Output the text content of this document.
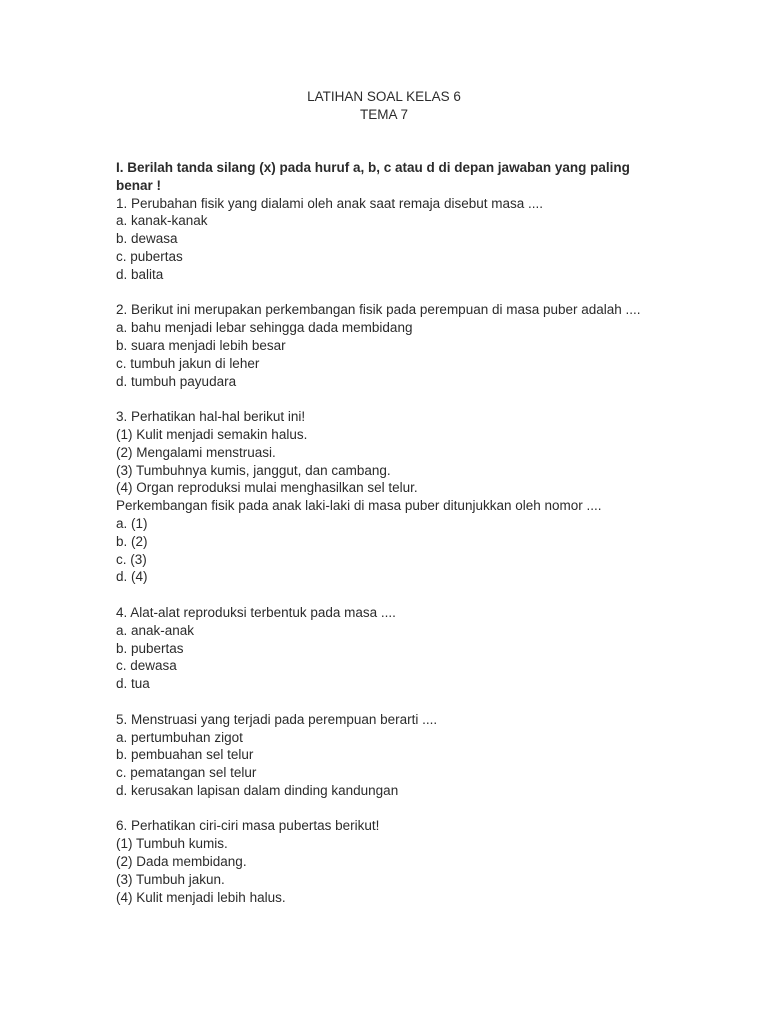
LATIHAN SOAL KELAS 6
TEMA 7

I. Berilah tanda silang (x) pada huruf a, b, c atau d di depan jawaban yang paling benar !

1. Perubahan fisik yang dialami oleh anak saat remaja disebut masa ....
a. kanak-kanak
b. dewasa
c. pubertas
d. balita
2. Berikut ini merupakan perkembangan fisik pada perempuan di masa puber adalah ....
a. bahu menjadi lebar sehingga dada membidang
b. suara menjadi lebih besar
c. tumbuh jakun di leher
d. tumbuh payudara
3. Perhatikan hal-hal berikut ini!
(1) Kulit menjadi semakin halus.
(2) Mengalami menstruasi.
(3) Tumbuhnya kumis, janggut, dan cambang.
(4) Organ reproduksi mulai menghasilkan sel telur.
Perkembangan fisik pada anak laki-laki di masa puber ditunjukkan oleh nomor ....
a. (1)
b. (2)
c. (3)
d. (4)
4. Alat-alat reproduksi terbentuk pada masa ....
a. anak-anak
b. pubertas
c. dewasa
d. tua
5. Menstruasi yang terjadi pada perempuan berarti ....
a. pertumbuhan zigot
b. pembuahan sel telur
c. pematangan sel telur
d. kerusakan lapisan dalam dinding kandungan
6. Perhatikan ciri-ciri masa pubertas berikut!
(1) Tumbuh kumis.
(2) Dada membidang.
(3) Tumbuh jakun.
(4) Kulit menjadi lebih halus.
